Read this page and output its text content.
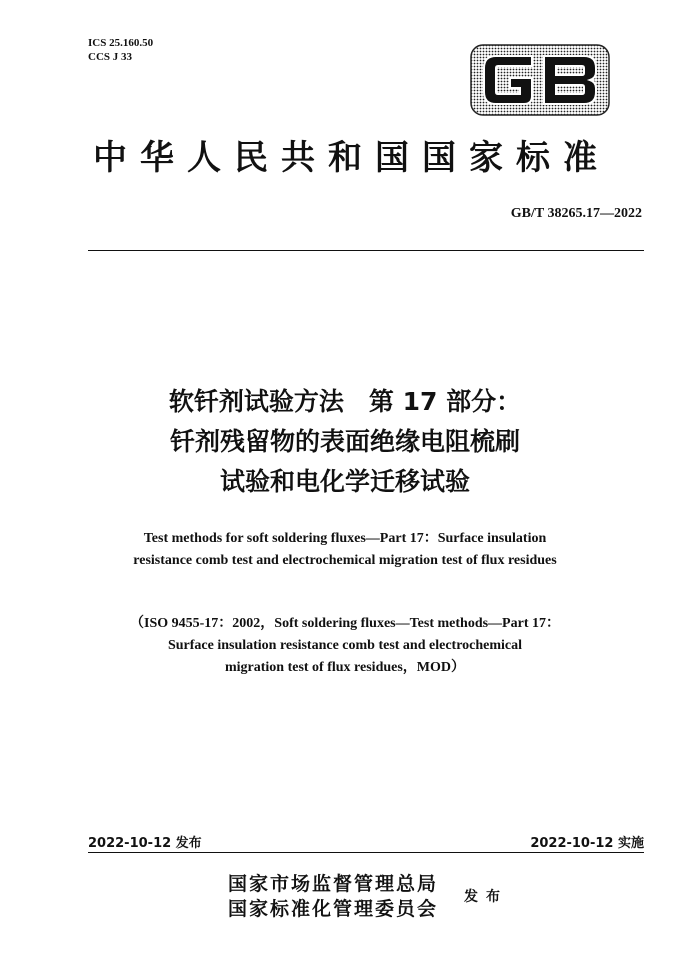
ICS 25.160.50
CCS J 33
中华人民共和国国家标准
GB/T 38265.17—2022
软钎剂试验方法　第 17 部分：
钎剂残留物的表面绝缘电阻梳刷
试验和电化学迁移试验
Test methods for soft soldering fluxes—Part 17：Surface insulation
resistance comb test and electrochemical migration test of flux residues
（ISO 9455-17：2002，Soft soldering fluxes—Test methods—Part 17：
Surface insulation resistance comb test and electrochemical
migration test of flux residues，MOD）
2022-10-12 发布	2022-10-12 实施
国家市场监督管理总局
国家标准化管理委员会
发布
